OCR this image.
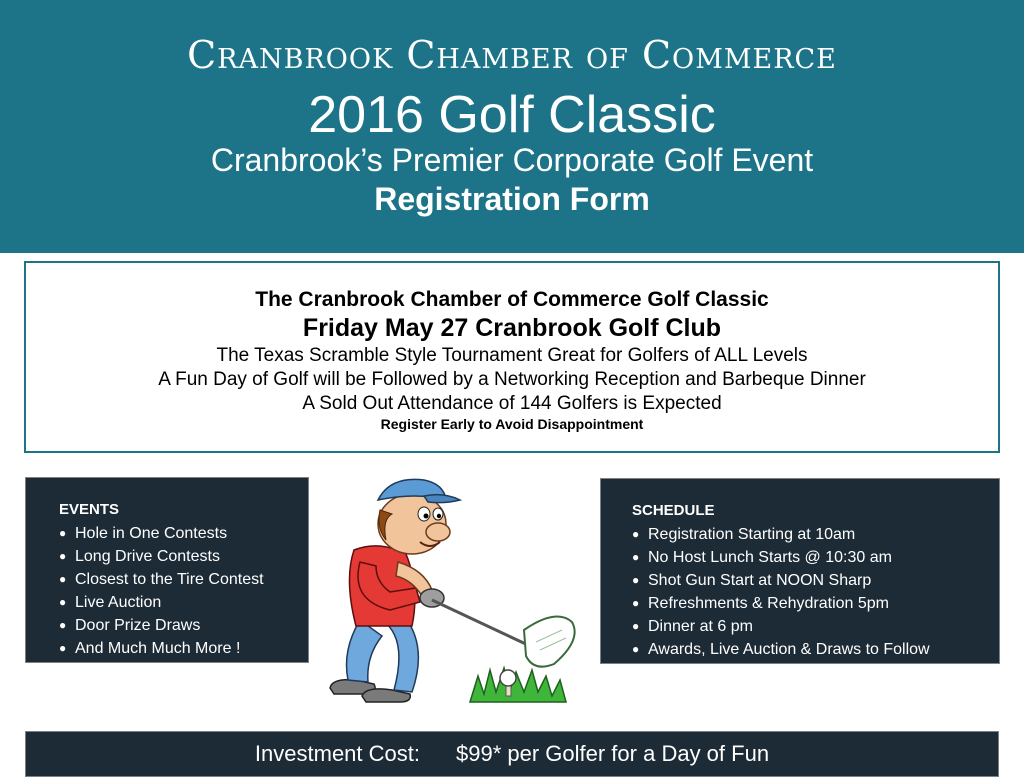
Cranbrook Chamber of Commerce
2016 Golf Classic
Cranbrook’s Premier Corporate Golf Event
Registration Form
The Cranbrook Chamber of Commerce Golf Classic
Friday May 27 Cranbrook Golf Club
The Texas Scramble Style Tournament Great for Golfers of ALL Levels
A Fun Day of Golf will be Followed by a Networking Reception and Barbeque Dinner
A Sold Out Attendance of 144 Golfers is Expected
Register Early to Avoid Disappointment
EVENTS
● Hole in One Contests
● Long Drive Contests
● Closest to the Tire Contest
● Live Auction
● Door Prize Draws
● And Much Much More !
SCHEDULE
● Registration Starting at 10am
● No Host Lunch Starts @ 10:30 am
● Shot Gun Start at NOON Sharp
● Refreshments & Rehydration 5pm
● Dinner at 6 pm
● Awards, Live Auction & Draws to Follow
Investment Cost: $99* per Golfer for a Day of Fun
